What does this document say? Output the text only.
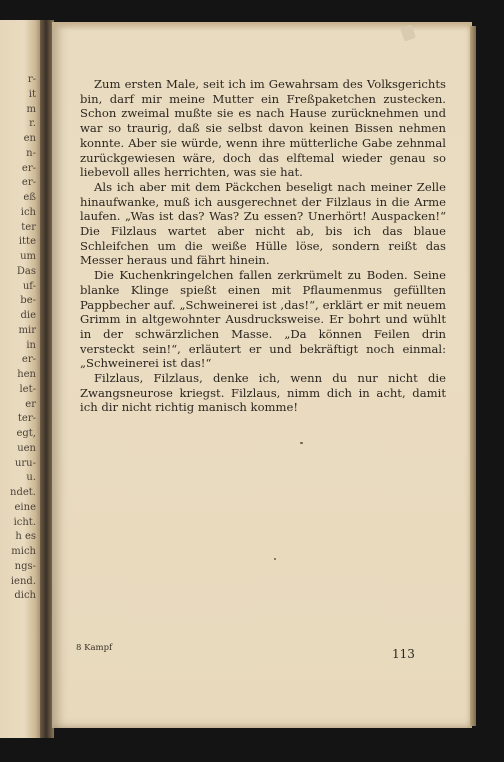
r-
it
m
r.
en
n-
er-
er-
eß
ich
ter
itte
um
Das
uf-
be-
die
mir
in
er-
hen
let-
er
ter-
egt,
uen
uru-
u.
ndet.
eine
icht.
h es
mich
ngs-
iend.
dich

Zum ersten Male, seit ich im Gewahrsam des Volksgerichts bin, darf mir meine Mutter ein Freßpaketchen zustecken. Schon zweimal mußte sie es nach Hause zurücknehmen und war so traurig, daß sie selbst davon keinen Bissen nehmen konnte. Aber sie würde, wenn ihre mütterliche Gabe zehnmal zurückgewiesen wäre, doch das elftemal wieder genau so liebevoll alles herrichten, was sie hat.

Als ich aber mit dem Päckchen beseligt nach meiner Zelle hinaufwanke, muß ich ausgerechnet der Filzlaus in die Arme laufen. „Was ist das? Was? Zu essen? Unerhört! Auspacken!“ Die Filzlaus wartet aber nicht ab, bis ich das blaue Schleifchen um die weiße Hülle löse, sondern reißt das Messer heraus und fährt hinein.

Die Kuchenkringelchen fallen zerkrümelt zu Boden. Seine blanke Klinge spießt einen mit Pflaumenmus gefüllten Pappbecher auf. „Schweinerei ist ,das!“, erklärt er mit neuem Grimm in altgewohnter Ausdrucksweise. Er bohrt und wühlt in der schwärzlichen Masse. „Da können Feilen drin versteckt sein!“, erläutert er und bekräftigt noch einmal: „Schweinerei ist das!“

Filzlaus, Filzlaus, denke ich, wenn du nur nicht die Zwangsneurose kriegst. Filzlaus, nimm dich in acht, damit ich dir nicht richtig manisch komme!

8 Kampf	113
